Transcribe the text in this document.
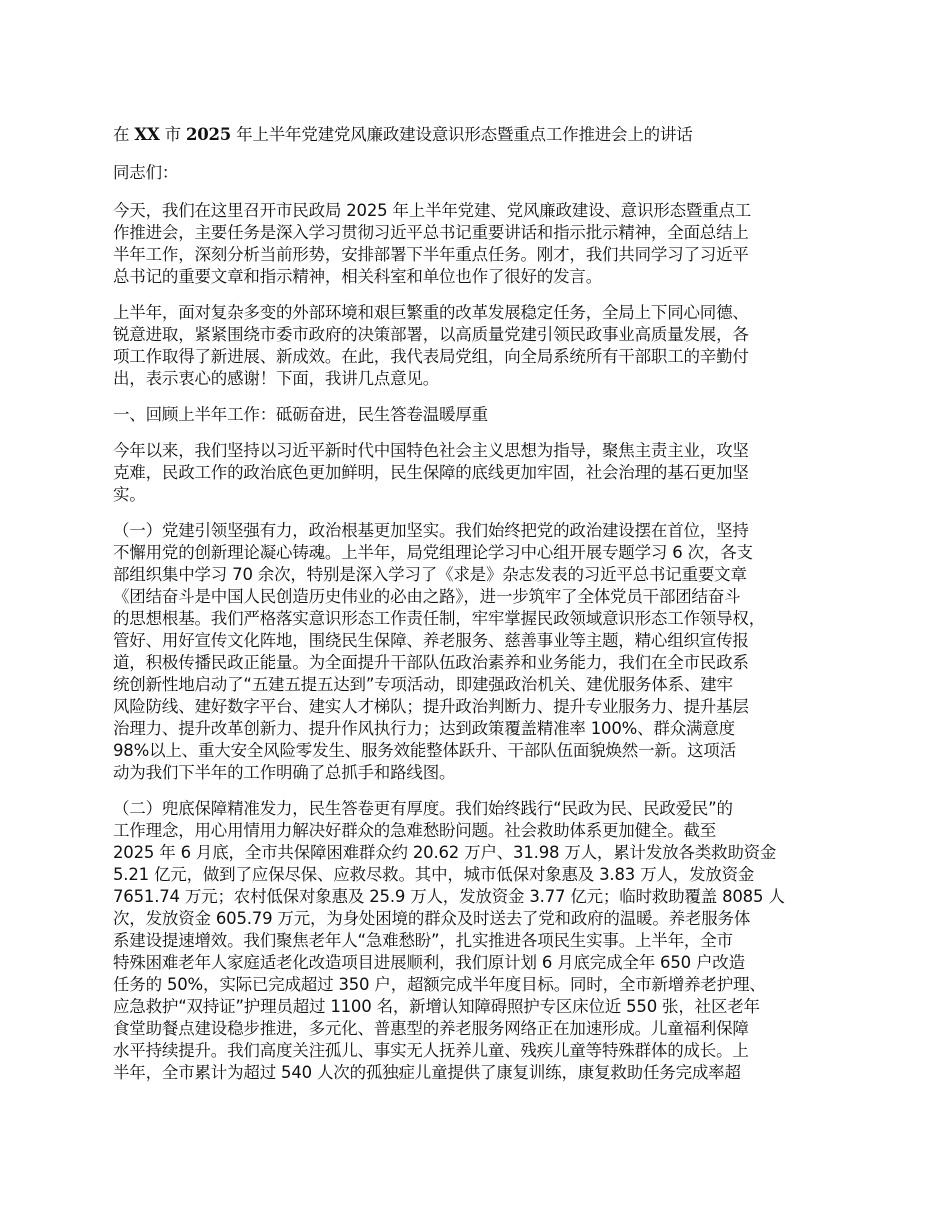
在 XX 市 2025 年上半年党建党风廉政建设意识形态暨重点工作推进会上的讲话
同志们：
今天，我们在这里召开市民政局 2025 年上半年党建、党风廉政建设、意识形态暨重点工
作推进会，主要任务是深入学习贯彻习近平总书记重要讲话和指示批示精神，全面总结上
半年工作，深刻分析当前形势，安排部署下半年重点任务。刚才，我们共同学习了习近平
总书记的重要文章和指示精神，相关科室和单位也作了很好的发言。
上半年，面对复杂多变的外部环境和艰巨繁重的改革发展稳定任务，全局上下同心同德、
锐意进取，紧紧围绕市委市政府的决策部署，以高质量党建引领民政事业高质量发展，各
项工作取得了新进展、新成效。在此，我代表局党组，向全局系统所有干部职工的辛勤付
出，表示衷心的感谢！下面，我讲几点意见。
一、回顾上半年工作：砥砺奋进，民生答卷温暖厚重
今年以来，我们坚持以习近平新时代中国特色社会主义思想为指导，聚焦主责主业，攻坚
克难，民政工作的政治底色更加鲜明，民生保障的底线更加牢固，社会治理的基石更加坚
实。
（一）党建引领坚强有力，政治根基更加坚实。我们始终把党的政治建设摆在首位，坚持
不懈用党的创新理论凝心铸魂。上半年，局党组理论学习中心组开展专题学习 6 次，各支
部组织集中学习 70 余次，特别是深入学习了《求是》杂志发表的习近平总书记重要文章
《团结奋斗是中国人民创造历史伟业的必由之路》，进一步筑牢了全体党员干部团结奋斗
的思想根基。我们严格落实意识形态工作责任制，牢牢掌握民政领域意识形态工作领导权，
管好、用好宣传文化阵地，围绕民生保障、养老服务、慈善事业等主题，精心组织宣传报
道，积极传播民政正能量。为全面提升干部队伍政治素养和业务能力，我们在全市民政系
统创新性地启动了“五建五提五达到”专项活动，即建强政治机关、建优服务体系、建牢
风险防线、建好数字平台、建实人才梯队；提升政治判断力、提升专业服务力、提升基层
治理力、提升改革创新力、提升作风执行力；达到政策覆盖精准率 100%、群众满意度
98%以上、重大安全风险零发生、服务效能整体跃升、干部队伍面貌焕然一新。这项活
动为我们下半年的工作明确了总抓手和路线图。
（二）兜底保障精准发力，民生答卷更有厚度。我们始终践行“民政为民、民政爱民”的
工作理念，用心用情用力解决好群众的急难愁盼问题。社会救助体系更加健全。截至
2025 年 6 月底，全市共保障困难群众约 20.62 万户、31.98 万人，累计发放各类救助资金
5.21 亿元，做到了应保尽保、应救尽救。其中，城市低保对象惠及 3.83 万人，发放资金
7651.74 万元；农村低保对象惠及 25.9 万人，发放资金 3.77 亿元；临时救助覆盖 8085 人
次，发放资金 605.79 万元，为身处困境的群众及时送去了党和政府的温暖。养老服务体
系建设提速增效。我们聚焦老年人“急难愁盼”，扎实推进各项民生实事。上半年，全市
特殊困难老年人家庭适老化改造项目进展顺利，我们原计划 6 月底完成全年 650 户改造
任务的 50%，实际已完成超过 350 户，超额完成半年度目标。同时，全市新增养老护理、
应急救护“双持证”护理员超过 1100 名，新增认知障碍照护专区床位近 550 张，社区老年
食堂助餐点建设稳步推进，多元化、普惠型的养老服务网络正在加速形成。儿童福利保障
水平持续提升。我们高度关注孤儿、事实无人抚养儿童、残疾儿童等特殊群体的成长。上
半年，全市累计为超过 540 人次的孤独症儿童提供了康复训练，康复救助任务完成率超
